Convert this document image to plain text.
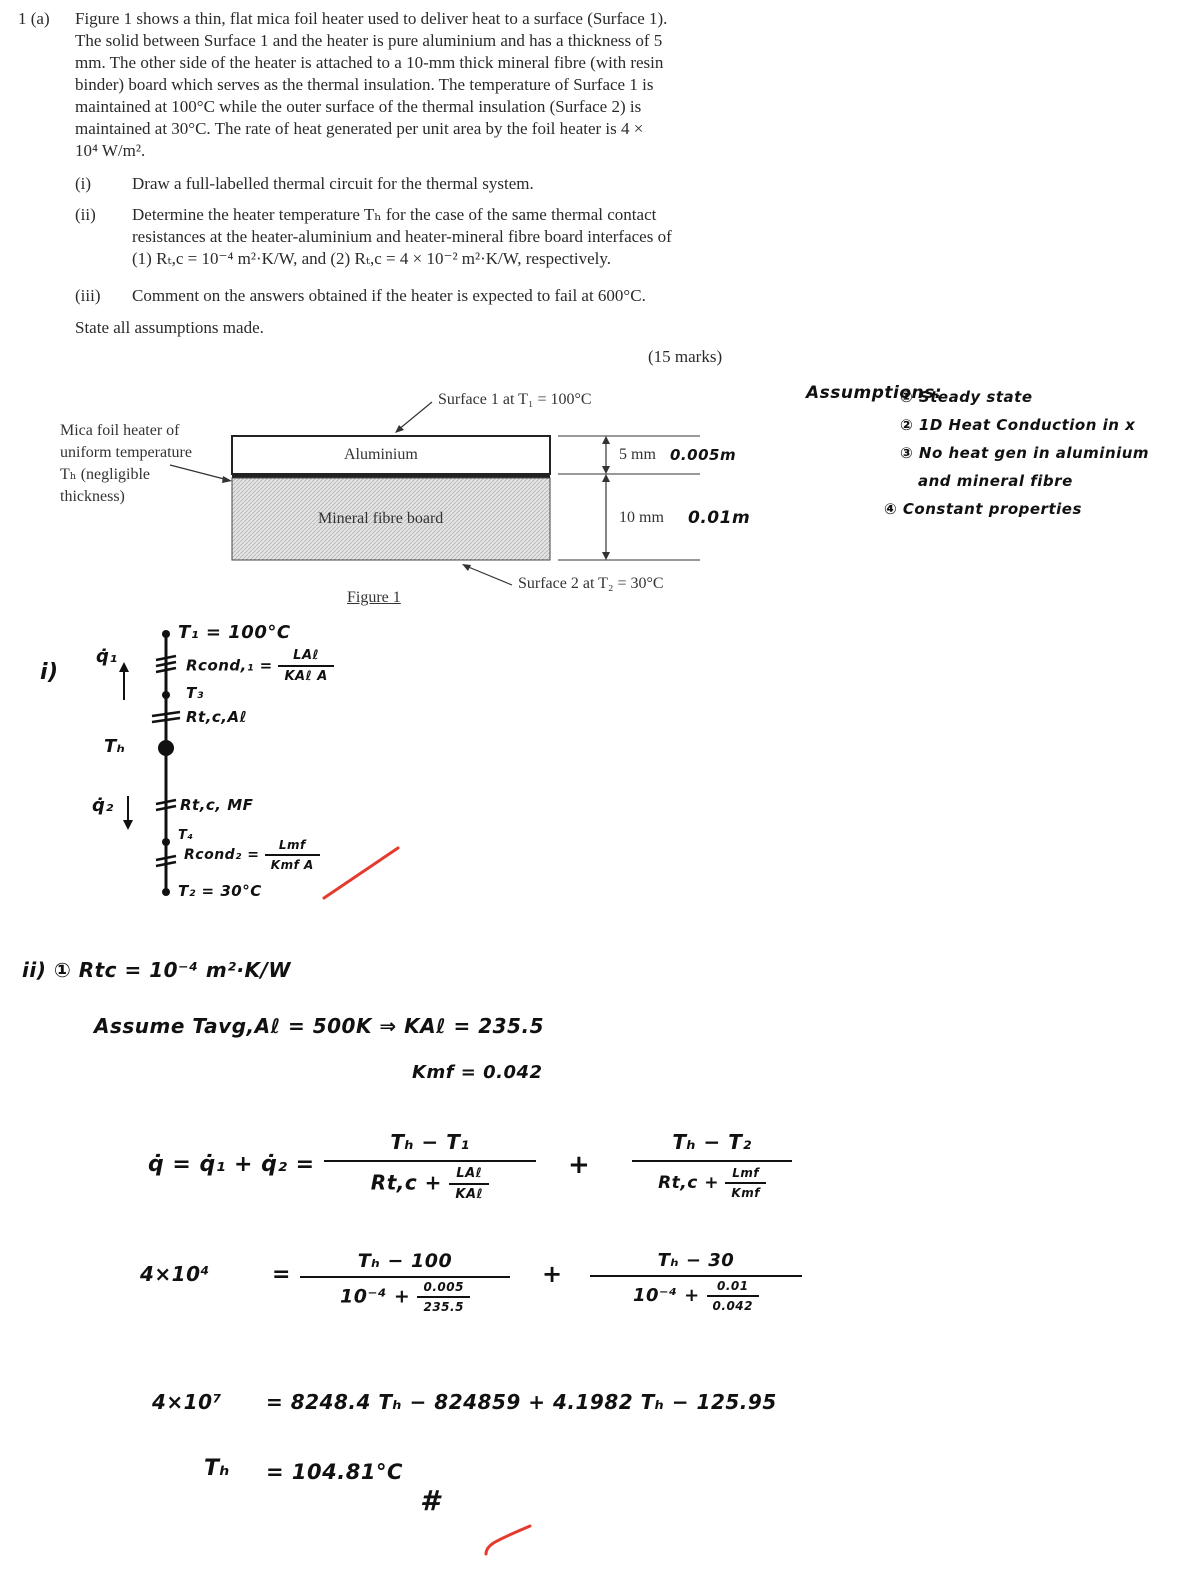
1 (a) Figure 1 shows a thin, flat mica foil heater used to deliver heat to a surface (Surface 1).
The solid between Surface 1 and the heater is pure aluminium and has a thickness of 5
mm. The other side of the heater is attached to a 10-mm thick mineral fibre (with resin
binder) board which serves as the thermal insulation. The temperature of Surface 1 is
maintained at 100°C while the outer surface of the thermal insulation (Surface 2) is
maintained at 30°C. The rate of heat generated per unit area by the foil heater is 4 ×
10⁴ W/m².
(i) Draw a full-labelled thermal circuit for the thermal system.
(ii) Determine the heater temperature Tₕ for the case of the same thermal contact
resistances at the heater-aluminium and heater-mineral fibre board interfaces of
(1) Rₜ,c = 10⁻⁴ m²·K/W, and (2) Rₜ,c = 4 × 10⁻² m²·K/W, respectively.
(iii) Comment on the answers obtained if the heater is expected to fail at 600°C.
State all assumptions made.
(15 marks)
Surface 1 at T₁ = 100°C
Mica foil heater of
uniform temperature
Tₕ (negligible
thickness)
Aluminium
Mineral fibre board
5 mm
10 mm
Surface 2 at T₂ = 30°C
Figure 1
0.005m
0.01m
Assumptions:
① Steady state
② 1D Heat Conduction in x
③ No heat gen in aluminium
and mineral fibre
④ Constant properties
i)
q̇₁
Tₕ
q̇₂
T₁ = 100°C
Rcond,₁ = $\frac{\text{LAℓ}}{\text{KAℓ A}}$
T₃
Rt,c,Aℓ
Rt,c, MF
T₄
Rcond₂ = $\frac{\text{Lmf}}{\text{Kmf A}}$
T₂ = 30°C
ii) ① Rtc = 10⁻⁴ m²·K/W
Assume Tavg,Aℓ = 500K ⇒ KAℓ = 235.5
Kmf = 0.042
q̇ = q̇₁ + q̇₂ =
Tₕ − T₁
$Rt,c + \frac{\text{LAℓ}}{\text{KAℓ}}$
+
Tₕ − T₂
$Rt,c + \frac{\text{Lmf}}{\text{Kmf}}$
4×10⁴	=
Tₕ − 100
$10^{-4} + \frac{0.005}{235.5}$
+	Tₕ − 30
$10^{-4} + \frac{0.01}{0.042}$
4×10⁷ = 8248.4 Tₕ − 824859 + 4.1982 Tₕ − 125.95
Tₕ = 104.81°C
#
